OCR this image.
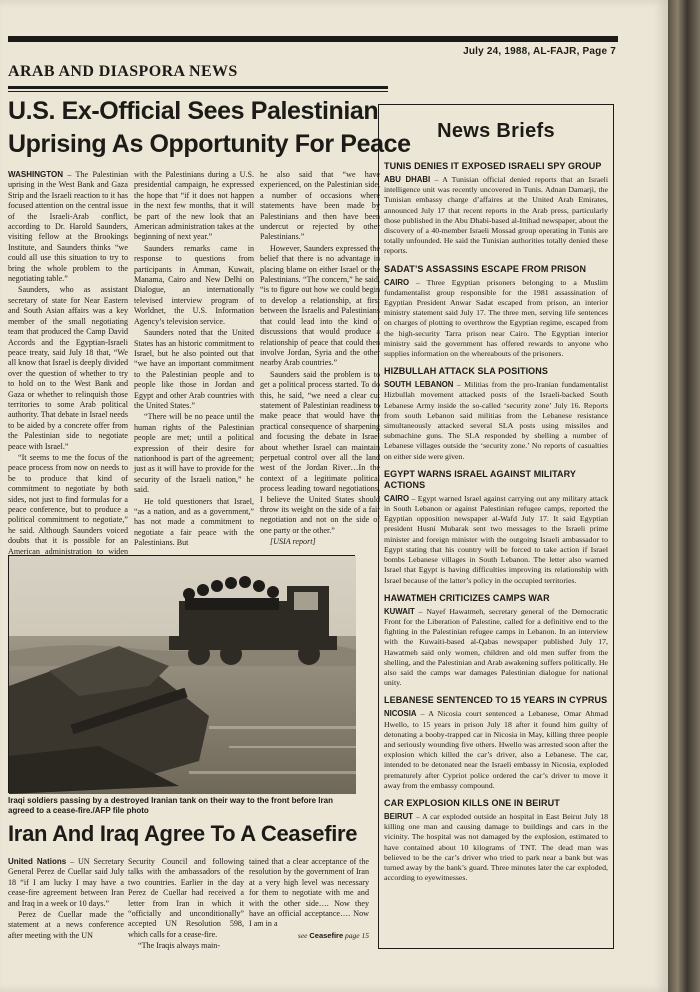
July 24, 1988, AL-FAJR, Page 7
ARAB AND DIASPORA NEWS
U.S. Ex-Official Sees Palestinian
Uprising As Opportunity For Peace

WASHINGTON – The Palestinian uprising in the West Bank and Gaza Strip and the Israeli reaction to it has focused attention on the central issue of the Israeli-Arab conflict, according to Dr. Harold Saunders, visiting fellow at the Brookings Institute, and Saunders thinks “we could all use this situation to try to bring the whole problem to the negotiating table.”

Saunders, who as assistant secretary of state for Near Eastern and South Asian affairs was a key member of the small negotiating team that produced the Camp David Accords and the Egyptian-Israeli peace treaty, said July 18 that, “We all know that Israel is deeply divided over the question of whether to try to hold on to the West Bank and Gaza or whether to relinquish those territories to some Arab political authority. That debate in Israel needs to be aided by a concrete offer from the Palestinian side to negotiate peace with Israel.”

“It seems to me the focus of the peace process from now on needs to be to produce that kind of commitment to negotiate by both sides, not just to find formulas for a peace conference, but to produce a political commitment to negotiate,” he said. Although Saunders voiced doubts that it is possible for an American administration to widen

with the Palestinians during a U.S. presidential campaign, he expressed the hope that “if it does not happen in the next few months, that it will be part of the new look that an American administration takes at the beginning of next year.”

Saunders remarks came in response to questions from participants in Amman, Kuwait, Manama, Cairo and New Delhi on Dialogue, an internationally televised interview program of Worldnet, the U.S. Information Agency’s television service.

Saunders noted that the United States has an historic commitment to Israel, but he also pointed out that “we have an important commitment to the Palestinian people and to people like those in Jordan and Egypt and other Arab countries with the United States.”

“There will be no peace until the human rights of the Palestinian people are met; until a political expression of their desire for nationhood is part of the agreement; just as it will have to provide for the security of the Israeli nation,” he said.

He told questioners that Israel, “as a nation, and as a government,” has not made a commitment to negotiate a fair peace with the Palestinians. But

he also said that “we have experienced, on the Palestinian side, a number of occasions where statements have been made by Palestinians and then have been undercut or rejected by other Palestinians.”

However, Saunders expressed the belief that there is no advantage in placing blame on either Israel or the Palestinians. “The concern,” he said, “is to figure out how we could begin to develop a relationship, at first between the Israelis and Palestinians that could lead into the kind of discussions that would produce a relationship of peace that could then involve Jordan, Syria and the other nearby Arab countries.”

Saunders said the problem is to get a political process started. To do this, he said, “we need a clear cut statement of Palestinian readiness to make peace that would have the practical consequence of sharpening and focusing the debate in Israel about whether Israel can maintain perpetual control over all the land west of the Jordan River…In the context of a legitimate political process leading toward negotiations, I believe the United States should throw its weight on the side of a fair negotiation and not on the side of one party or the other.”

[USIA report]

Iraqi soldiers passing by a destroyed Iranian tank on their way to the front before Iran agreed to a cease-fire./AFP file photo
Iran And Iraq Agree To A Ceasefire

United Nations – UN Secretary General Perez de Cuellar said July 18 “if I am lucky I may have a cease-fire agreement between Iran and Iraq in a week or 10 days.”

Perez de Cuellar made the statement at a news conference after meeting with the UN

Security Council and following talks with the ambassadors of the two countries. Earlier in the day Perez de Cuellar had received a letter from Iran in which it “officially and unconditionally” accepted UN Resolution 598, which calls for a cease-fire.

“The Iraqis always main-

tained that a clear acceptance of the resolution by the government of Iran at a very high level was necessary for them to negotiate with me and with the other side…. Now they have an official acceptance…. Now I am in a

see Ceasefire page 15

News Briefs
TUNIS DENIES IT EXPOSED ISRAELI SPY GROUP
ABU DHABI – A Tunisian official denied reports that an Israeli intelligence unit was recently uncovered in Tunis. Adnan Damarji, the Tunisian embassy charge d’affaires at the United Arab Emirates, announced July 17 that recent reports in the Arab press, particularly those published in the Abu Dhabi-based al-Ittihad newspaper, about the discovery of a 40-member Israeli Mossad group operating in Tunis are totally unfounded. He said the Tunisian authorities totally denied these reports.
SADAT’S ASSASSINS ESCAPE FROM PRISON
CAIRO – Three Egyptian prisoners belonging to a Muslim fundamentalist group responsible for the 1981 assassination of Egyptian President Anwar Sadat escaped from prison, an interior ministry statement said July 17. The three men, serving life sentences on charges of plotting to overthrow the Egyptian regime, escaped from the high-security Tarra prison near Cairo. The Egyptian interior ministry said the government has offered rewards to anyone who supplies information on the whereabouts of the prisoners.
HIZBULLAH ATTACK SLA POSITIONS
SOUTH LEBANON – Militias from the pro-Iranian fundamentalist Hizbullah movement attacked posts of the Israeli-backed South Lebanese Army inside the so-called ‘security zone’ July 16. Reports from south Lebanon said militias from the Lebanese resistance simultaneously attacked several SLA posts using missiles and submachine guns. The SLA responded by shelling a number of Lebanese villages outside the ‘security zone.’ No reports of casualties on either side were given.
EGYPT WARNS ISRAEL AGAINST MILITARY ACTIONS
CAIRO – Egypt warned Israel against carrying out any military attack in South Lebanon or against Palestinian refugee camps, reported the Egyptian opposition newspaper al-Wafd July 17. It said Egyptian president Husni Mubarak sent two messages to the Israeli prime minister and foreign minister with the outgoing Israeli ambassador to Egypt stating that his country will be forced to take action if Israel bombs Lebanese villages in South Lebanon. The letter also warned Israel that Egypt is having difficulties improving its relationship with Israel because of the latter’s policy in the occupied territories.
HAWATMEH CRITICIZES CAMPS WAR
KUWAIT – Nayef Hawatmeh, secretary general of the Democratic Front for the Liberation of Palestine, called for a definitive end to the fighting in the Palestinian refugee camps in Lebanon. In an interview with the Kuwaiti-based al-Qabas newspaper published July 17, Hawatmeh said only women, children and old men suffer from the shelling, and the Palestinian and Arab awakening suffers politically. He also said the camps war damages Palestinian dialogue for national unity.
LEBANESE SENTENCED TO 15 YEARS IN CYPRUS
NICOSIA – A Nicosia court sentenced a Lebanese, Omar Ahmad Hwello, to 15 years in prison July 18 after it found him guilty of detonating a booby-trapped car in Nicosia in May, killing three people and seriously wounding five others. Hwello was arrested soon after the explosion which killed the car’s driver, also a Lebanese. The car, intended to be detonated near the Israeli embassy in Nicosia, exploded prematurely after Cypriot police ordered the car’s driver to move it away from the embassy compound.
CAR EXPLOSION KILLS ONE IN BEIRUT
BEIRUT – A car exploded outside an hospital in East Beirut July 18 killing one man and causing damage to buildings and cars in the vicinity. The hospital was not damaged by the explosion, estimated to have contained about 10 kilograms of TNT. The dead man was believed to be the car’s driver who tried to park near a bank but was turned away by the bank’s guard. Three minutes later the car exploded, according to eyewitnesses.
